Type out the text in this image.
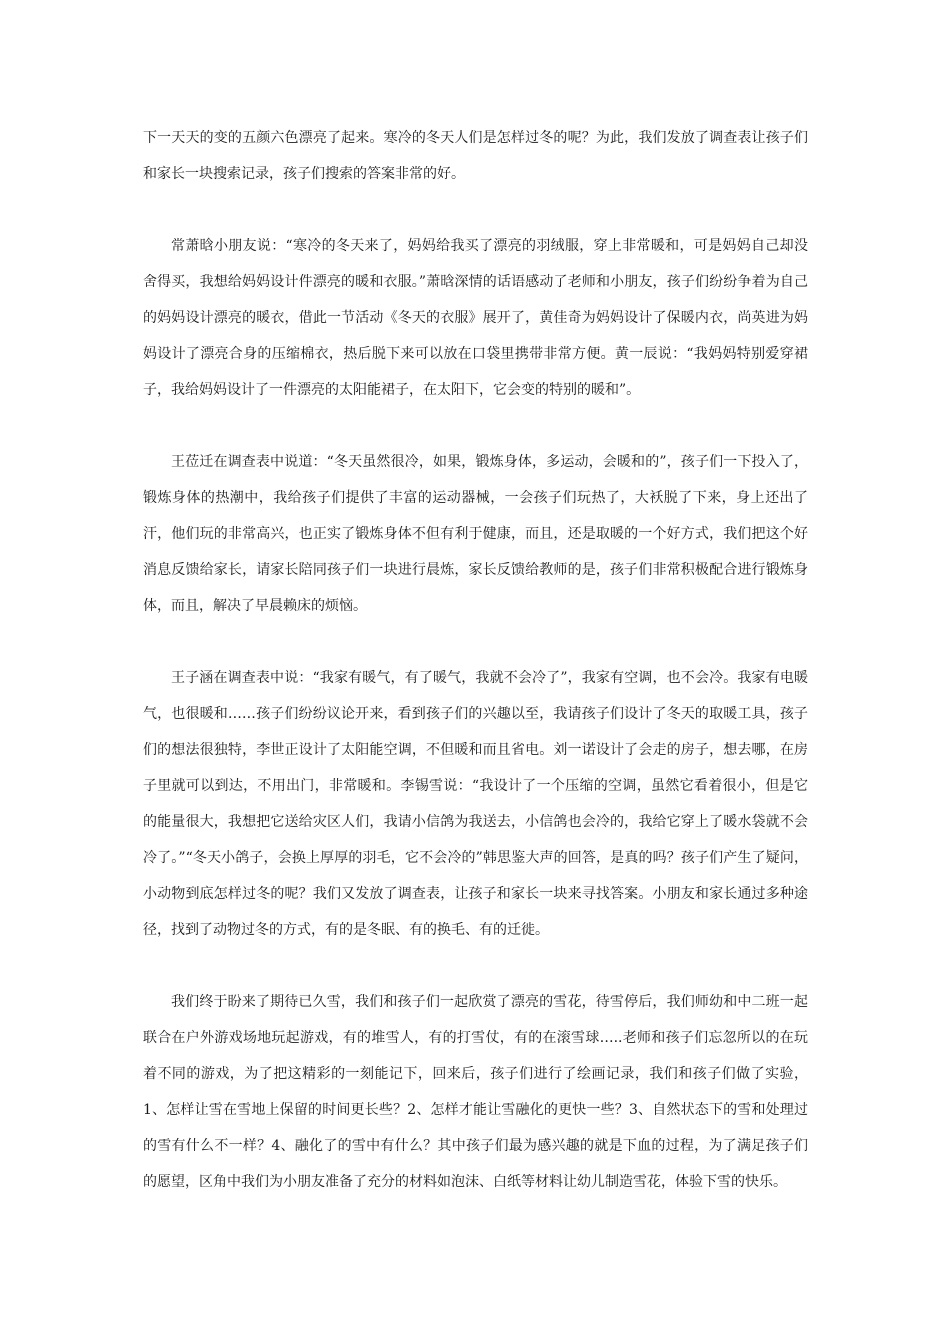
下一天天的变的五颜六色漂亮了起来。寒冷的冬天人们是怎样过冬的呢？为此，我们发放了调查表让孩子们和家长一块搜索记录，孩子们搜索的答案非常的好。

常萧晗小朋友说：“寒冷的冬天来了，妈妈给我买了漂亮的羽绒服，穿上非常暖和，可是妈妈自己却没舍得买，我想给妈妈设计件漂亮的暖和衣服。”萧晗深情的话语感动了老师和小朋友，孩子们纷纷争着为自己的妈妈设计漂亮的暖衣，借此一节活动《冬天的衣服》展开了，黄佳奇为妈妈设计了保暖内衣，尚英进为妈妈设计了漂亮合身的压缩棉衣，热后脱下来可以放在口袋里携带非常方便。黄一辰说：“我妈妈特别爱穿裙子，我给妈妈设计了一件漂亮的太阳能裙子，在太阳下，它会变的特别的暖和”。

王莅迁在调查表中说道：“冬天虽然很冷，如果，锻炼身体，多运动，会暖和的”，孩子们一下投入了，锻炼身体的热潮中，我给孩子们提供了丰富的运动器械，一会孩子们玩热了，大袄脱了下来，身上还出了汗，他们玩的非常高兴，也正实了锻炼身体不但有利于健康，而且，还是取暖的一个好方式，我们把这个好消息反馈给家长，请家长陪同孩子们一块进行晨炼，家长反馈给教师的是，孩子们非常积极配合进行锻炼身体，而且，解决了早晨赖床的烦恼。

王子涵在调查表中说：“我家有暖气，有了暖气，我就不会冷了”，我家有空调，也不会冷。我家有电暖气，也很暖和……孩子们纷纷议论开来，看到孩子们的兴趣以至，我请孩子们设计了冬天的取暖工具，孩子们的想法很独特，李世正设计了太阳能空调，不但暖和而且省电。刘一诺设计了会走的房子，想去哪，在房子里就可以到达，不用出门，非常暖和。李锡雪说：“我设计了一个压缩的空调，虽然它看着很小，但是它的能量很大，我想把它送给灾区人们，我请小信鸽为我送去，小信鸽也会冷的，我给它穿上了暖水袋就不会冷了。”“冬天小鸽子，会换上厚厚的羽毛，它不会冷的”韩思鉴大声的回答，是真的吗？孩子们产生了疑问，小动物到底怎样过冬的呢？我们又发放了调查表，让孩子和家长一块来寻找答案。小朋友和家长通过多种途径，找到了动物过冬的方式，有的是冬眠、有的换毛、有的迁徙。

我们终于盼来了期待已久雪，我们和孩子们一起欣赏了漂亮的雪花，待雪停后，我们师幼和中二班一起联合在户外游戏场地玩起游戏，有的堆雪人，有的打雪仗，有的在滚雪球…..老师和孩子们忘忽所以的在玩着不同的游戏，为了把这精彩的一刻能记下，回来后，孩子们进行了绘画记录，我们和孩子们做了实验，1、怎样让雪在雪地上保留的时间更长些？2、怎样才能让雪融化的更快一些？3、自然状态下的雪和处理过的雪有什么不一样？4、融化了的雪中有什么？其中孩子们最为感兴趣的就是下血的过程，为了满足孩子们的愿望，区角中我们为小朋友准备了充分的材料如泡沫、白纸等材料让幼儿制造雪花，体验下雪的快乐。
